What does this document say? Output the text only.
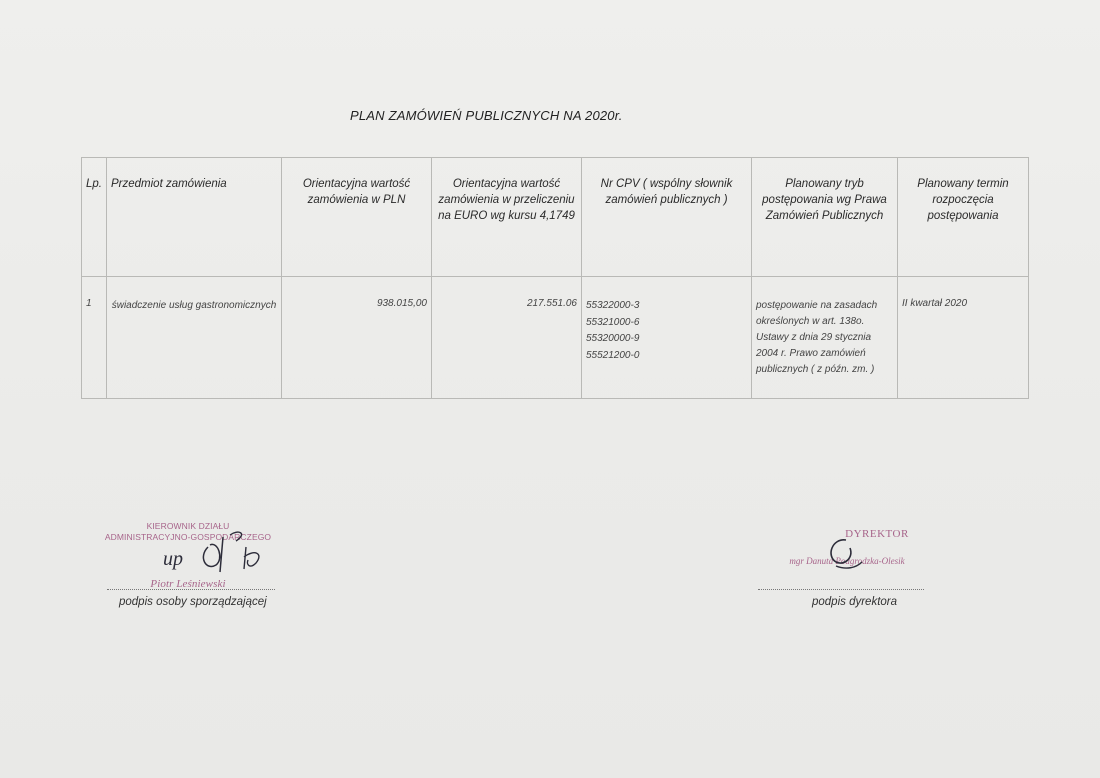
PLAN ZAMÓWIEŃ PUBLICZNYCH NA 2020r.
Lp.	Przedmiot zamówienia	Orientacyjna wartość zamówienia w PLN	Orientacyjna wartość zamówienia w przeliczeniu na EURO wg kursu 4,1749	Nr CPV ( wspólny słownik zamówień publicznych )	Planowany tryb postępowania wg Prawa Zamówień Publicznych	Planowany termin rozpoczęcia postępowania
1	świadczenie usług gastronomicznych	938.015,00	217.551.06	55322000-3
55321000-6
55320000-9
55521200-0	postępowanie na zasadach określonych w art. 138o. Ustawy z dnia 29 stycznia 2004 r. Prawo zamówień publicznych ( z późn. zm. )	II kwartał 2020
KIEROWNIK DZIAŁU
ADMINISTRACYJNO-GOSPODARCZEGO
Piotr Leśniewski
up
podpis osoby sporządzającej
DYREKTOR
mgr Danuta Podgrodzka-Olesik
podpis dyrektora
